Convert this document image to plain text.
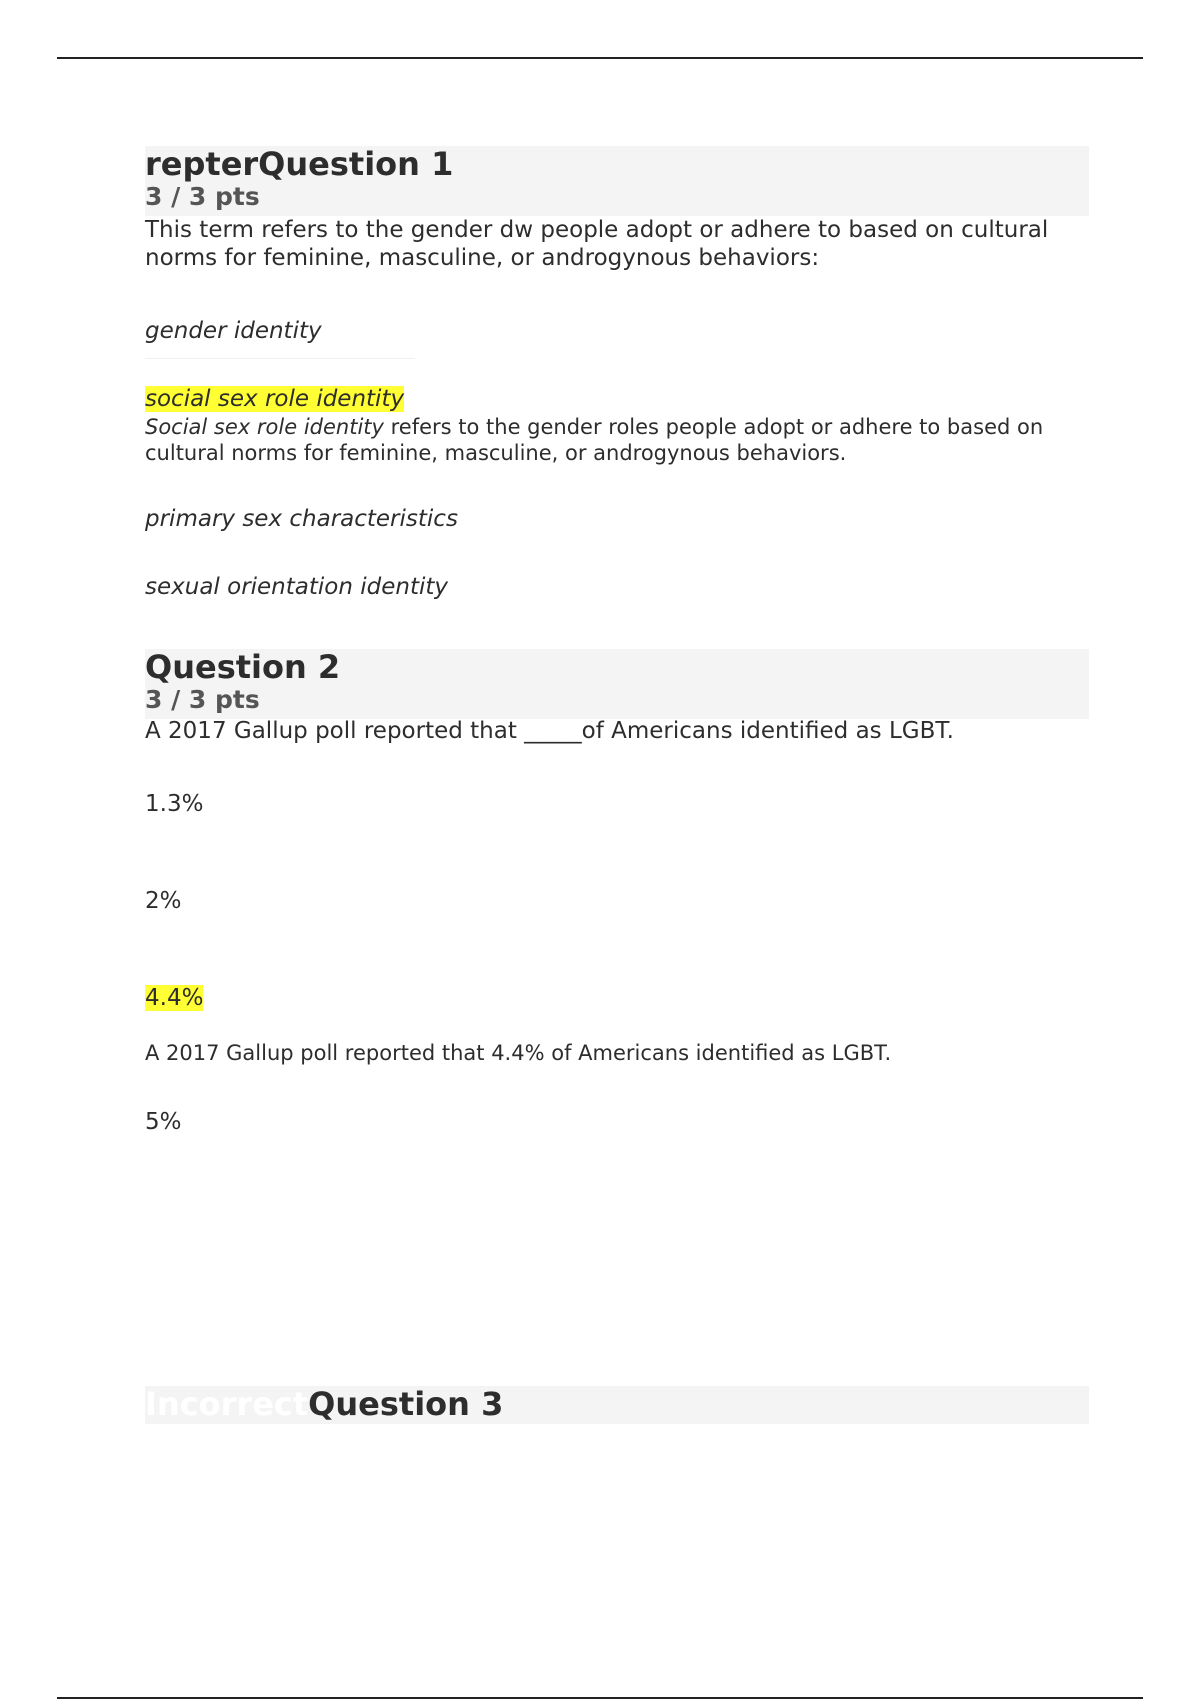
repterQuestion 1
3 / 3 pts
This term refers to the gender dw people adopt or adhere to based on cultural norms for feminine, masculine, or androgynous behaviors:
gender identity
social sex role identity
Social sex role identity refers to the gender roles people adopt or adhere to based on cultural norms for feminine, masculine, or androgynous behaviors.
primary sex characteristics
sexual orientation identity
Question 2
3 / 3 pts
A 2017 Gallup poll reported that _____of Americans identified as LGBT.
1.3%
2%
4.4%
A 2017 Gallup poll reported that 4.4% of Americans identified as LGBT.
5%
IncorrectQuestion 3
